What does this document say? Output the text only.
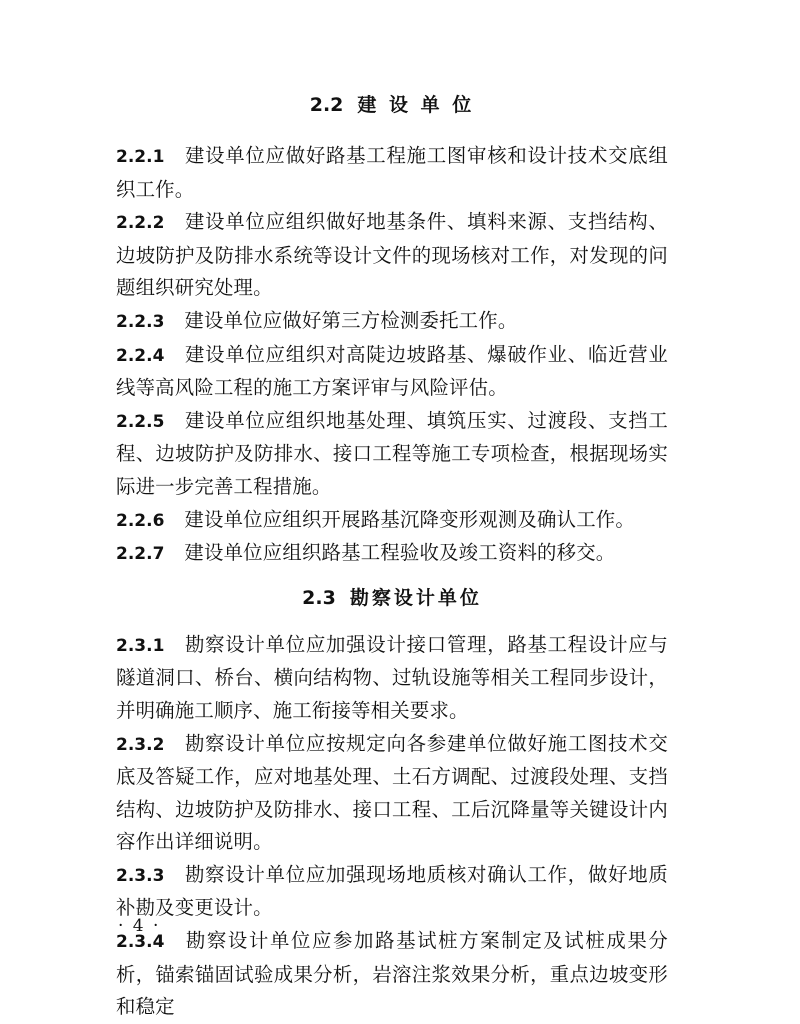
2.2 建 设 单 位
2.2.1 建设单位应做好路基工程施工图审核和设计技术交底组织工作。
2.2.2 建设单位应组织做好地基条件、填料来源、支挡结构、边坡防护及防排水系统等设计文件的现场核对工作，对发现的问题组织研究处理。
2.2.3 建设单位应做好第三方检测委托工作。
2.2.4 建设单位应组织对高陡边坡路基、爆破作业、临近营业线等高风险工程的施工方案评审与风险评估。
2.2.5 建设单位应组织地基处理、填筑压实、过渡段、支挡工程、边坡防护及防排水、接口工程等施工专项检查，根据现场实际进一步完善工程措施。
2.2.6 建设单位应组织开展路基沉降变形观测及确认工作。
2.2.7 建设单位应组织路基工程验收及竣工资料的移交。
2.3 勘察设计单位
2.3.1 勘察设计单位应加强设计接口管理，路基工程设计应与隧道洞口、桥台、横向结构物、过轨设施等相关工程同步设计，并明确施工顺序、施工衔接等相关要求。
2.3.2 勘察设计单位应按规定向各参建单位做好施工图技术交底及答疑工作，应对地基处理、土石方调配、过渡段处理、支挡结构、边坡防护及防排水、接口工程、工后沉降量等关键设计内容作出详细说明。
2.3.3 勘察设计单位应加强现场地质核对确认工作，做好地质补勘及变更设计。
2.3.4 勘察设计单位应参加路基试桩方案制定及试桩成果分析，锚索锚固试验成果分析，岩溶注浆效果分析，重点边坡变形和稳定
· 4 ·
